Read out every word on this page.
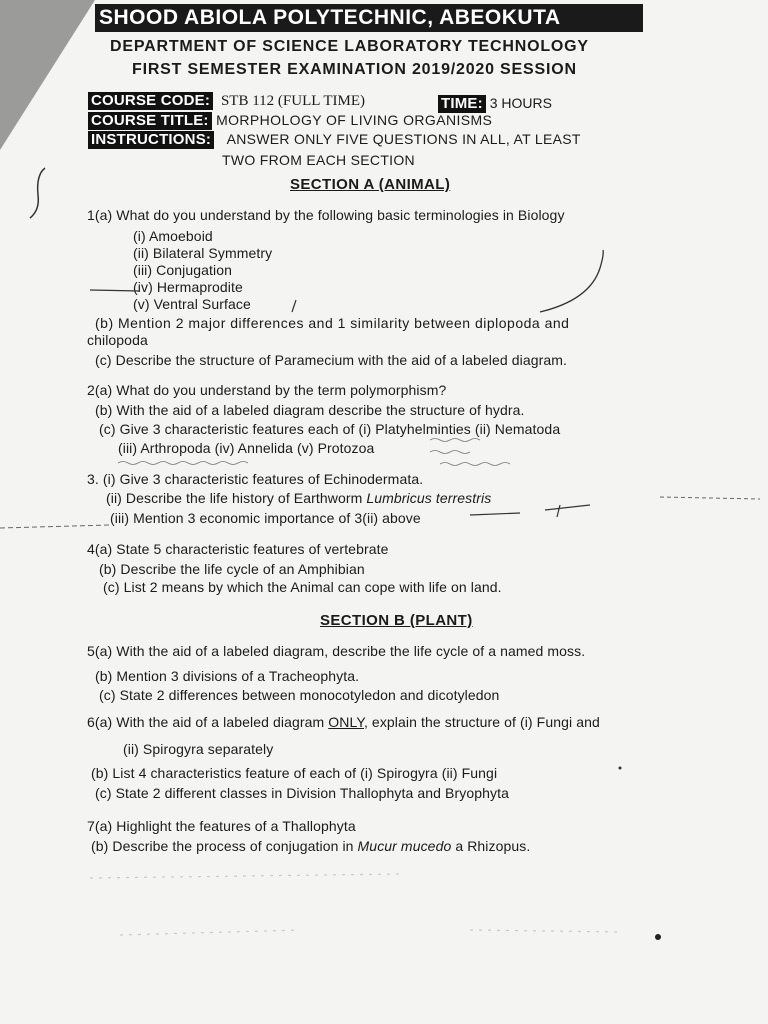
SHOOD ABIOLA POLYTECHNIC, ABEOKUTA
DEPARTMENT OF SCIENCE LABORATORY TECHNOLOGY
FIRST SEMESTER EXAMINATION 2019/2020 SESSION
COURSE CODE: STB 112 (FULL TIME)	TIME: 3 HOURS
COURSE TITLE: MORPHOLOGY OF LIVING ORGANISMS
INSTRUCTIONS: ANSWER ONLY FIVE QUESTIONS IN ALL, AT LEAST
TWO FROM EACH SECTION
SECTION A (ANIMAL)
1(a) What do you understand by the following basic terminologies in Biology
(i) Amoeboid
(ii) Bilateral Symmetry
(iii) Conjugation
(iv) Hermaprodite
(v) Ventral Surface
(b) Mention 2 major differences and 1 similarity between diplopoda and
chilopoda
(c) Describe the structure of Paramecium with the aid of a labeled diagram.
2(a) What do you understand by the term polymorphism?
(b) With the aid of a labeled diagram describe the structure of hydra.
(c) Give 3 characteristic features each of (i) Platyhelminties (ii) Nematoda
(iii) Arthropoda (iv) Annelida (v) Protozoa
3. (i) Give 3 characteristic features of Echinodermata.
(ii) Describe the life history of Earthworm Lumbricus terrestris
(iii) Mention 3 economic importance of 3(ii) above
4(a) State 5 characteristic features of vertebrate
(b) Describe the life cycle of an Amphibian
(c) List 2 means by which the Animal can cope with life on land.
SECTION B (PLANT)
5(a) With the aid of a labeled diagram, describe the life cycle of a named moss.
(b) Mention 3 divisions of a Tracheophyta.
(c) State 2 differences between monocotyledon and dicotyledon
6(a) With the aid of a labeled diagram ONLY, explain the structure of (i) Fungi and
(ii) Spirogyra separately
(b) List 4 characteristics feature of each of (i) Spirogyra (ii) Fungi
(c) State 2 different classes in Division Thallophyta and Bryophyta
7(a) Highlight the features of a Thallophyta
(b) Describe the process of conjugation in Mucur mucedo a Rhizopus.
